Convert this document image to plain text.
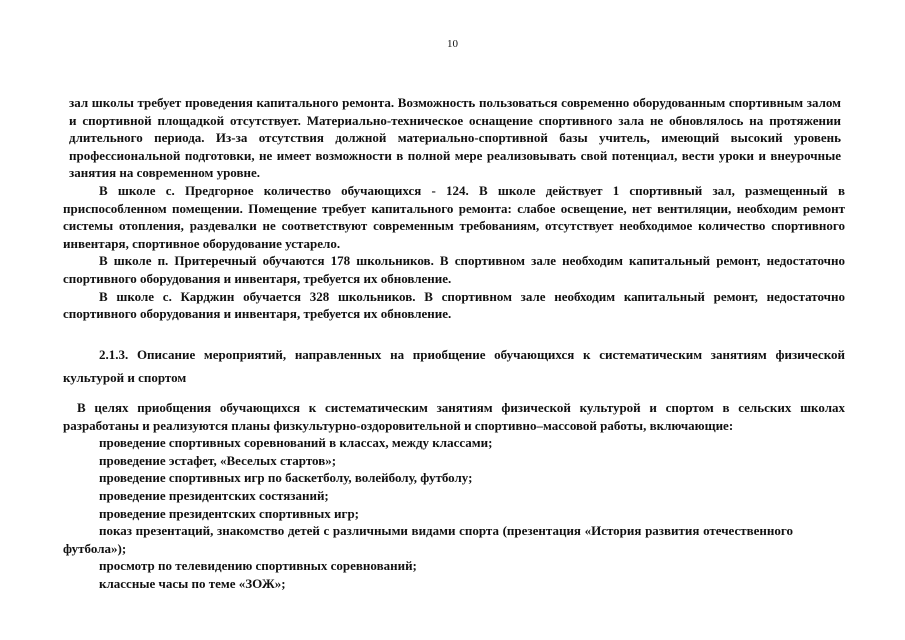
10

зал школы требует проведения капитального ремонта. Возможность пользоваться современно оборудованным спортивным залом и спортивной площадкой отсутствует. Материально-техническое оснащение спортивного зала не обновлялось на протяжении длительного периода. Из-за отсутствия должной материально-спортивной базы учитель, имеющий высокий уровень профессиональной подготовки, не имеет возможности в полной мере реализовывать свой потенциал, вести уроки и внеурочные занятия на современном уровне.

В школе с. Предгорное количество обучающихся - 124. В школе действует 1 спортивный зал, размещенный в приспособленном помещении. Помещение требует капитального ремонта: слабое освещение, нет вентиляции, необходим ремонт системы отопления, раздевалки не соответствуют современным требованиям, отсутствует необходимое количество спортивного инвентаря, спортивное оборудование устарело.

В школе п. Притеречный обучаются 178 школьников. В спортивном зале необходим капитальный ремонт, недостаточно спортивного оборудования и инвентаря, требуется их обновление.

В школе с. Карджин обучается 328 школьников. В спортивном зале необходим капитальный ремонт, недостаточно спортивного оборудования и инвентаря, требуется их обновление.

2.1.3. Описание мероприятий, направленных на приобщение обучающихся к систематическим занятиям физической культурой и спортом

В целях приобщения обучающихся к систематическим занятиям физической культурой и спортом в сельских школах разработаны и реализуются планы физкультурно-оздоровительной и спортивно–массовой работы, включающие:

проведение спортивных соревнований в классах, между классами;
проведение эстафет, «Веселых стартов»;
проведение спортивных игр по баскетболу, волейболу, футболу;
проведение президентских состязаний;
проведение президентских спортивных игр;
показ презентаций, знакомство детей с различными видами спорта (презентация «История развития отечественного футбола»);
просмотр по телевидению спортивных соревнований;
классные часы по теме «ЗОЖ»;
